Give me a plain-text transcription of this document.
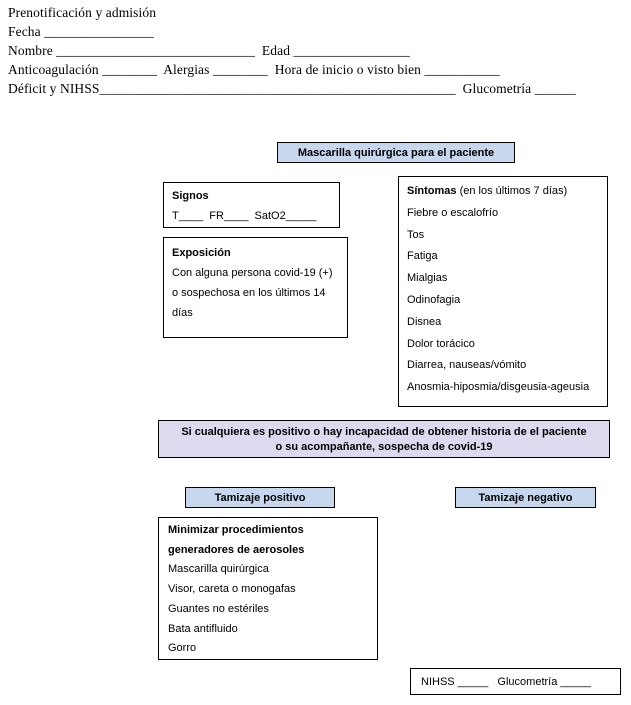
Prenotificación y admisión
Fecha ________________
Nombre _____________________________  Edad _________________
Anticoagulación ________  Alergias ________  Hora de inicio o visto bien ___________
Déficit y NIHSS____________________________________________________  Glucometría ______
Mascarilla quirúrgica para el paciente
Signos
T____  FR____  SatO2_____
Síntomas (en los últimos 7 días)
Fiebre o escalofrío
Tos
Fatiga
Mialgias
Odinofagia
Disnea
Dolor torácico
Diarrea, nauseas/vómito
Anosmia-hiposmia/disgeusia-ageusia
Exposición
Con alguna persona covid-19 (+)
o sospechosa en los últimos 14
días
Si cualquiera es positivo o hay incapacidad de obtener historia de el paciente
o su acompañante, sospecha de covid-19
Tamizaje positivo	Tamizaje negativo
Minimizar procedimientos
generadores de aerosoles
Mascarilla quirúrgica
Visor, careta o monogafas
Guantes no estériles
Bata antifluido
Gorro
NIHSS _____   Glucometría _____
